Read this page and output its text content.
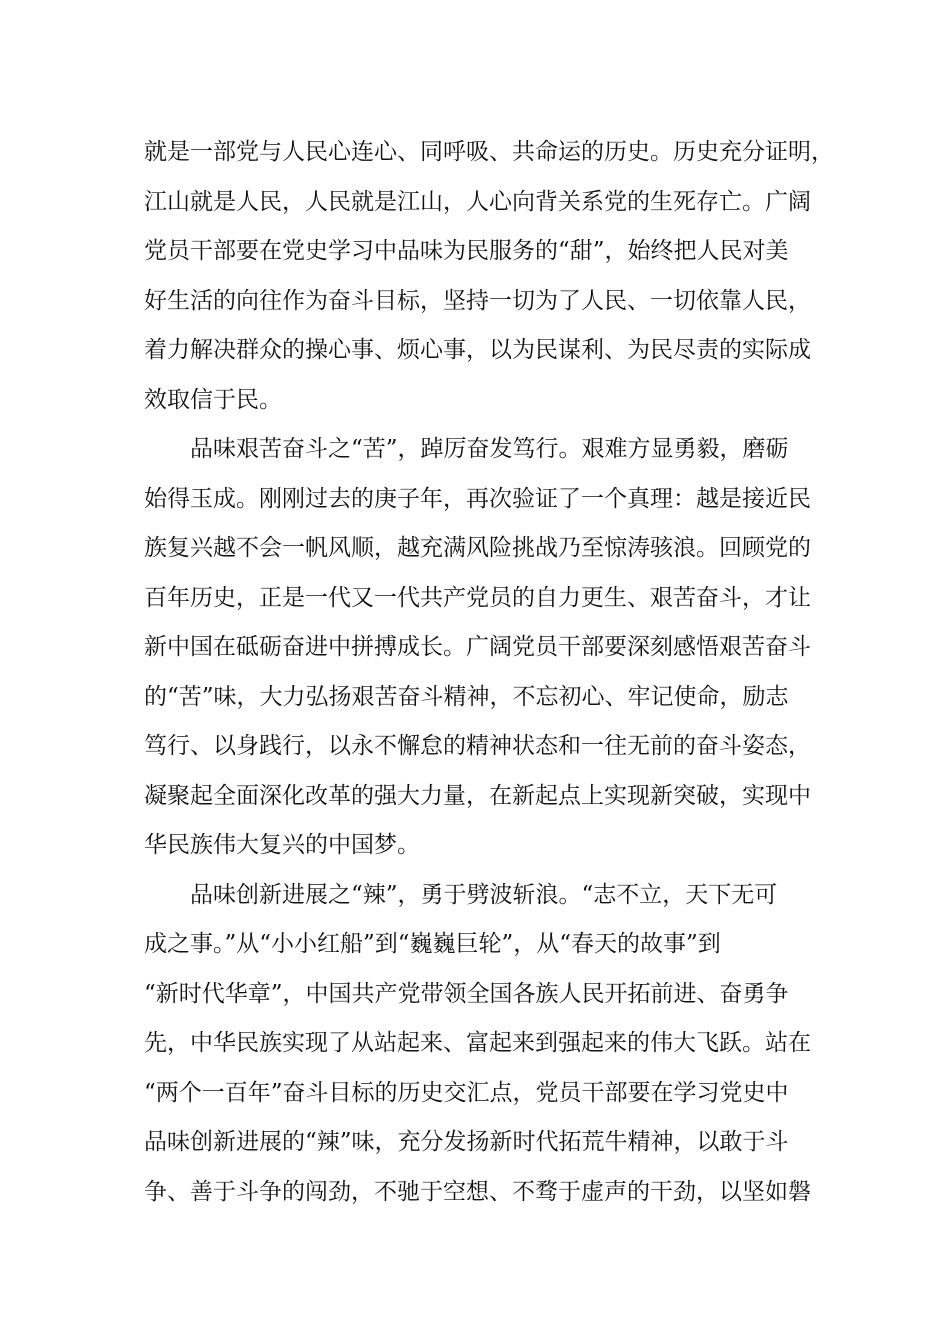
就是一部党与人民心连心、同呼吸、共命运的历史。历史充分证明，
江山就是人民，人民就是江山，人心向背关系党的生死存亡。广阔
党员干部要在党史学习中品味为民服务的“甜”，始终把人民对美
好生活的向往作为奋斗目标，坚持一切为了人民、一切依靠人民，
着力解决群众的操心事、烦心事，以为民谋利、为民尽责的实际成
效取信于民。
品味艰苦奋斗之“苦”，踔厉奋发笃行。艰难方显勇毅，磨砺
始得玉成。刚刚过去的庚子年，再次验证了一个真理：越是接近民
族复兴越不会一帆风顺，越充满风险挑战乃至惊涛骇浪。回顾党的
百年历史，正是一代又一代共产党员的自力更生、艰苦奋斗，才让
新中国在砥砺奋进中拼搏成长。广阔党员干部要深刻感悟艰苦奋斗
的“苦”味，大力弘扬艰苦奋斗精神，不忘初心、牢记使命，励志
笃行、以身践行，以永不懈怠的精神状态和一往无前的奋斗姿态，
凝聚起全面深化改革的强大力量，在新起点上实现新突破，实现中
华民族伟大复兴的中国梦。
品味创新进展之“辣”，勇于劈波斩浪。“志不立，天下无可
成之事。”从“小小红船”到“巍巍巨轮”，从“春天的故事”到
“新时代华章”，中国共产党带领全国各族人民开拓前进、奋勇争
先，中华民族实现了从站起来、富起来到强起来的伟大飞跃。站在
“两个一百年”奋斗目标的历史交汇点，党员干部要在学习党史中
品味创新进展的“辣”味，充分发扬新时代拓荒牛精神，以敢于斗
争、善于斗争的闯劲，不驰于空想、不骛于虚声的干劲，以坚如磐
